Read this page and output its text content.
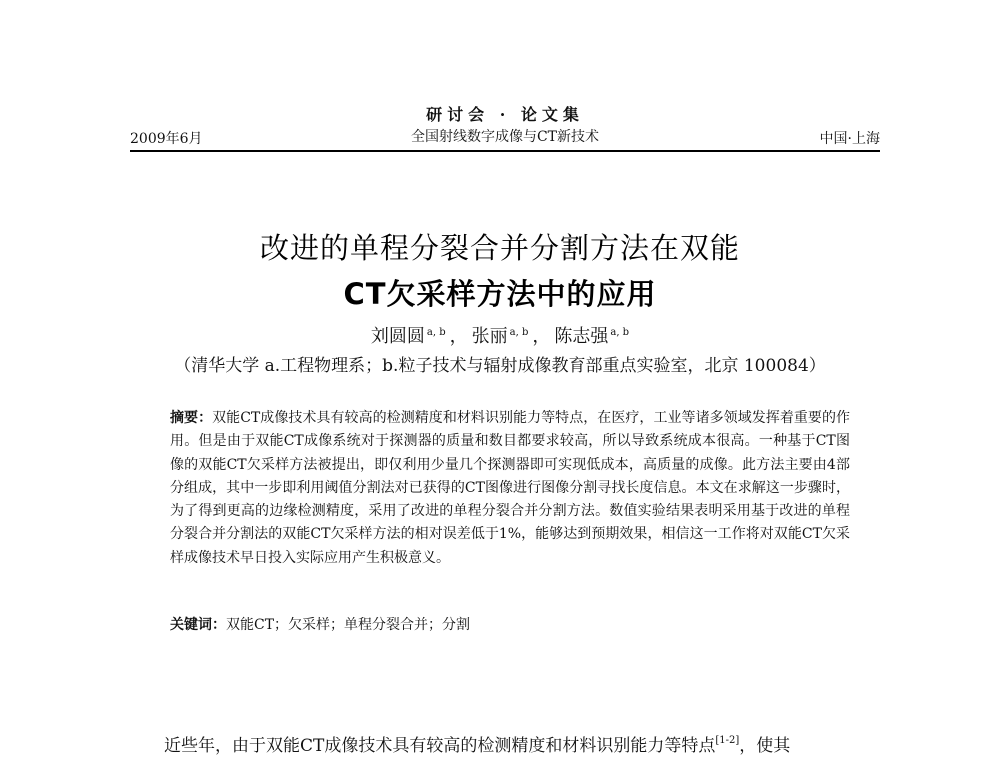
研讨会 · 论文集
全国射线数字成像与CT新技术
2009年6月	中国·上海
改进的单程分裂合并分割方法在双能
CT欠采样方法中的应用
刘圆圆 $^{a, b}$ ， 张丽 $^{a, b}$ ， 陈志强 $^{a, b}$
（清华大学 a.工程物理系；b.粒子技术与辐射成像教育部重点实验室，北京 100084）
摘要：双能CT成像技术具有较高的检测精度和材料识别能力等特点，在医疗，工业等诸多领域发挥着重要的作用。但是由于双能CT成像系统对于探测器的质量和数目都要求较高，所以导致系统成本很高。一种基于CT图像的双能CT欠采样方法被提出，即仅利用少量几个探测器即可实现低成本，高质量的成像。此方法主要由4部分组成，其中一步即利用阈值分割法对已获得的CT图像进行图像分割寻找长度信息。本文在求解这一步骤时，为了得到更高的边缘检测精度，采用了改进的单程分裂合并分割方法。数值实验结果表明采用基于改进的单程分裂合并分割法的双能CT欠采样方法的相对误差低于1%，能够达到预期效果，相信这一工作将对双能CT欠采样成像技术早日投入实际应用产生积极意义。
关键词：双能CT；欠采样；单程分裂合并；分割
近些年，由于双能CT成像技术具有较高的检测精度和材料识别能力等特点[1-2]，使其
